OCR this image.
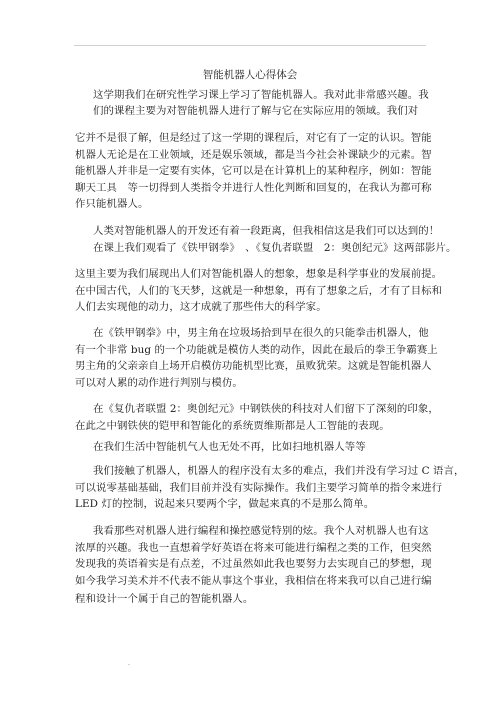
智能机器人心得体会
这学期我们在研究性学习课上学习了智能机器人。我对此非常感兴趣。我
们的课程主要为对智能机器人进行了解与它在实际应用的领域。我们对
它并不是很了解，但是经过了这一学期的课程后，对它有了一定的认识。智能
机器人无论是在工业领域，还是娱乐领域，都是当今社会补课缺少的元素。智
能机器人并非是一定要有实体，它可以是在计算机上的某种程序，例如：智能
聊天工具　等一切得到人类指令并进行人性化判断和回复的，在我认为都可称
作只能机器人。
人类对智能机器人的开发还有着一段距离，但我相信这是我们可以达到的！
在课上我们观看了《铁甲钢拳》　、《复仇者联盟　2：奥创纪元》这两部影片。
这里主要为我们展现出人们对智能机器人的想象，想象是科学事业的发展前提。
在中国古代，人们的飞天梦，这就是一种想象，再有了想象之后，才有了目标和
人们去实现他的动力，这才成就了那些伟大的科学家。
在《铁甲钢拳》中，男主角在垃圾场拾到早在很久的只能拳击机器人，他
有一个非常 bug 的一个功能就是模仿人类的动作，因此在最后的拳王争霸赛上
男主角的父亲亲自上场开启模仿功能机型比赛，虽败犹荣。这就是智能机器人
可以对人累的动作进行判别与模仿。
在《复仇者联盟 2：奥创纪元》中钢铁侠的科技对人们留下了深刻的印象，
在此之中钢铁侠的铠甲和智能化的系统贾维斯都是人工智能的表现。
在我们生活中智能机气人也无处不再，比如扫地机器人等等
我们接触了机器人，机器人的程序没有太多的难点，我们并没有学习过 C 语言，
可以说零基础基础，我们目前并没有实际操作。我们主要学习简单的指令来进行
LED 灯的控制，说起来只要两个字，做起来真的不是那么简单。
我看那些对机器人进行编程和操控感觉特别的炫。我个人对机器人也有这
浓厚的兴趣。我也一直想着学好英语在将来可能进行编程之类的工作，但突然
发现我的英语着实是有点差，不过虽然如此我也要努力去实现自己的梦想，现
如今我学习美术并不代表不能从事这个事业，我相信在将来我可以自己进行编
程和设计一个属于自己的智能机器人。
.
